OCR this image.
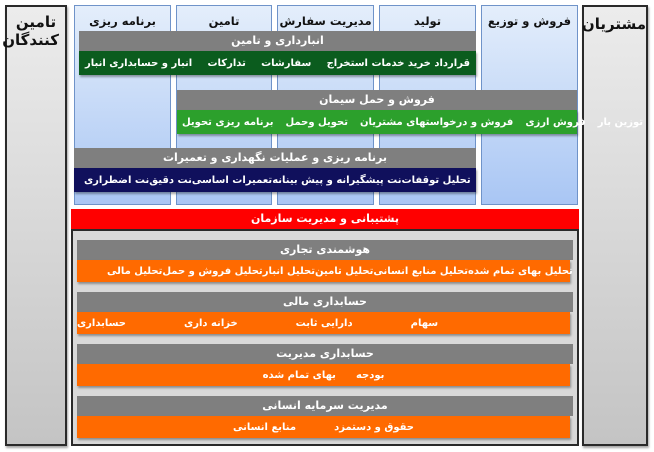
تامین کنندگان
مشتریان
برنامه ریزی	تامین	مدیریت سفارش	تولید	فروش و توزیع
انبارداری و تامین
انبار و حسابداری انبار تدارکات سفارشات قرارداد خرید خدمات استخراج
فروش و حمل سیمان
برنامه ریزی تحویل تحویل وحمل فروش و درخواستهای مشتریان فروش ارزی توزین بار
برنامه ریزی و عملیات نگهداری و تعمیرات
نت اضطراری نت دقیق تعمیرات اساسی نت پیشگیرانه و پیش بینانه تحلیل توقفات
پشتیبانی و مدیریت سازمان
هوشمندی تجاری
تحلیل مالی تحلیل فروش و حمل تحلیل انبار تحلیل تامین تحلیل منابع انسانی تحلیل بهای تمام شده
حسابداری مالی
حسابداری	خزانه داری	دارایی ثابت	سهام
حسابداری مدیریت
بهای تمام شده بودجه
مدیریت سرمایه انسانی
منابع انسانی	حقوق و دستمزد
